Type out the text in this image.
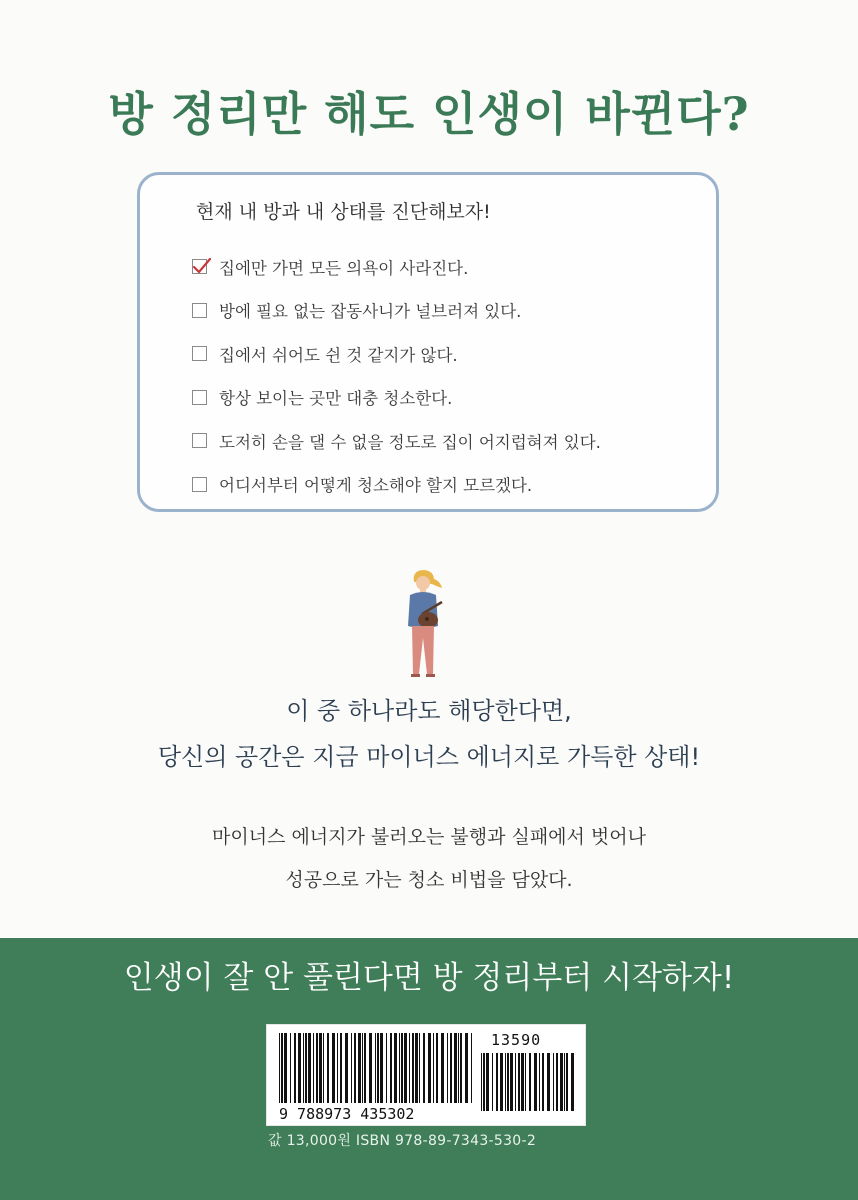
방 정리만 해도 인생이 바뀐다?
현재 내 방과 내 상태를 진단해보자!
집에만 가면 모든 의욕이 사라진다.
방에 필요 없는 잡동사니가 널브러져 있다.
집에서 쉬어도 쉰 것 같지가 않다.
항상 보이는 곳만 대충 청소한다.
도저히 손을 댈 수 없을 정도로 집이 어지럽혀져 있다.
어디서부터 어떻게 청소해야 할지 모르겠다.
이 중 하나라도 해당한다면,
당신의 공간은 지금 마이너스 에너지로 가득한 상태!
마이너스 에너지가 불러오는 불행과 실패에서 벗어나
성공으로 가는 청소 비법을 담았다.
인생이 잘 안 풀린다면 방 정리부터 시작하자!
9 788973 435302
13590
값 13,000원 ISBN 978-89-7343-530-2
